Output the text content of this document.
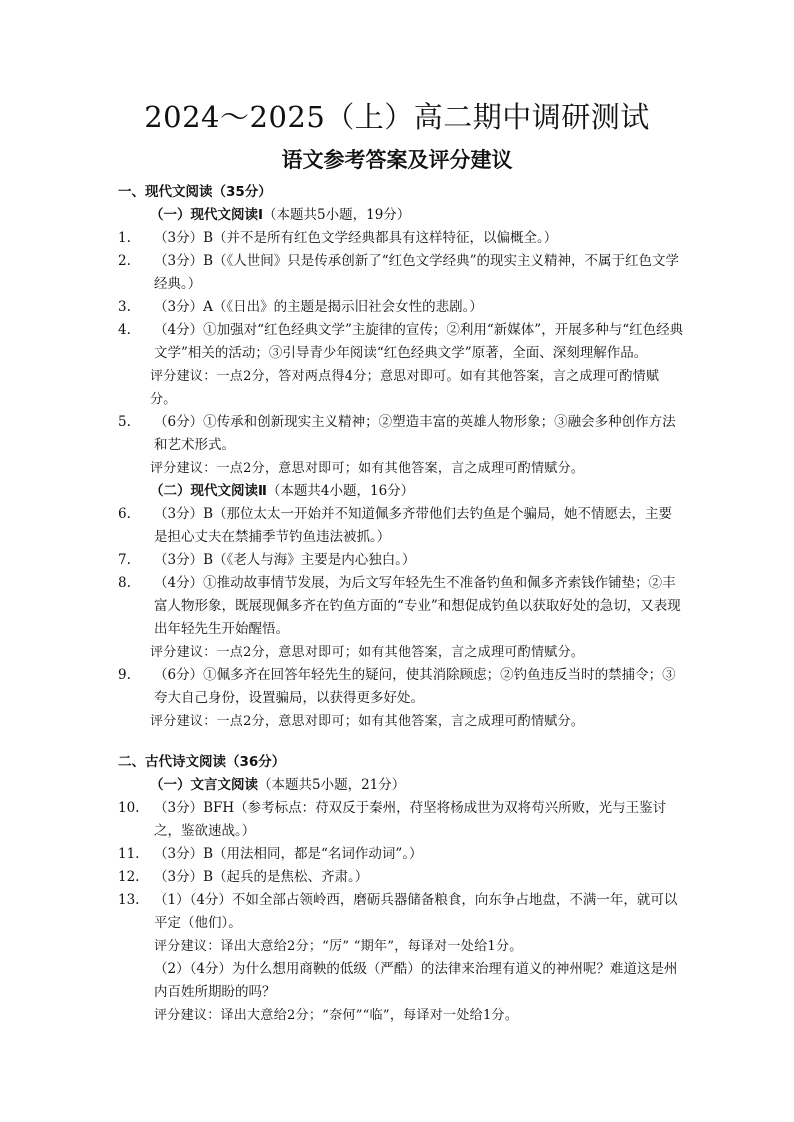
2024～2025（上）高二期中调研测试
语文参考答案及评分建议
一、现代文阅读（35分）
（一）现代文阅读Ⅰ（本题共5小题，19分）
1.	（3分）B（并不是所有红色文学经典都具有这样特征，以偏概全。）
2.	（3分）B（《人世间》只是传承创新了“红色文学经典”的现实主义精神，不属于红色文学经典。）
3.	（3分）A（《日出》的主题是揭示旧社会女性的悲剧。）
4.	（4分）①加强对“红色经典文学”主旋律的宣传；②利用“新媒体”，开展多种与“红色经典文学”相关的活动；③引导青少年阅读“红色经典文学”原著，全面、深刻理解作品。
评分建议：一点2分，答对两点得4分；意思对即可。如有其他答案，言之成理可酌情赋分。
5.	（6分）①传承和创新现实主义精神；②塑造丰富的英雄人物形象；③融会多种创作方法和艺术形式。
评分建议：一点2分，意思对即可；如有其他答案，言之成理可酌情赋分。
（二）现代文阅读Ⅱ（本题共4小题，16分）
6.	（3分）B（那位太太一开始并不知道佩多齐带他们去钓鱼是个骗局，她不情愿去，主要是担心丈夫在禁捕季节钓鱼违法被抓。）
7.	（3分）B（《老人与海》主要是内心独白。）
8.	（4分）①推动故事情节发展，为后文写年轻先生不准备钓鱼和佩多齐索钱作铺垫；②丰富人物形象，既展现佩多齐在钓鱼方面的“专业”和想促成钓鱼以获取好处的急切，又表现出年轻先生开始醒悟。
评分建议：一点2分，意思对即可；如有其他答案，言之成理可酌情赋分。
9.	（6分）①佩多齐在回答年轻先生的疑问，使其消除顾虑；②钓鱼违反当时的禁捕令；③夸大自己身份，设置骗局，以获得更多好处。
评分建议：一点2分，意思对即可；如有其他答案，言之成理可酌情赋分。
二、古代诗文阅读（36分）
（一）文言文阅读（本题共5小题，21分）
10.	（3分）BFH（参考标点：苻双反于秦州，苻坚将杨成世为双将苟兴所败，光与王鉴讨之，鉴欲速战。）
11.	（3分）B（用法相同，都是“名词作动词”。）
12.	（3分）B（起兵的是焦松、齐肃。）
13.	（1）（4分）不如全部占领岭西，磨砺兵器储备粮食，向东争占地盘，不满一年，就可以平定（他们）。
评分建议：译出大意给2分；“厉” “期年”，每译对一处给1分。
（2）（4分）为什么想用商鞅的低级（严酷）的法律来治理有道义的神州呢？难道这是州内百姓所期盼的吗？
评分建议：译出大意给2分；“奈何”“临”，每译对一处给1分。
